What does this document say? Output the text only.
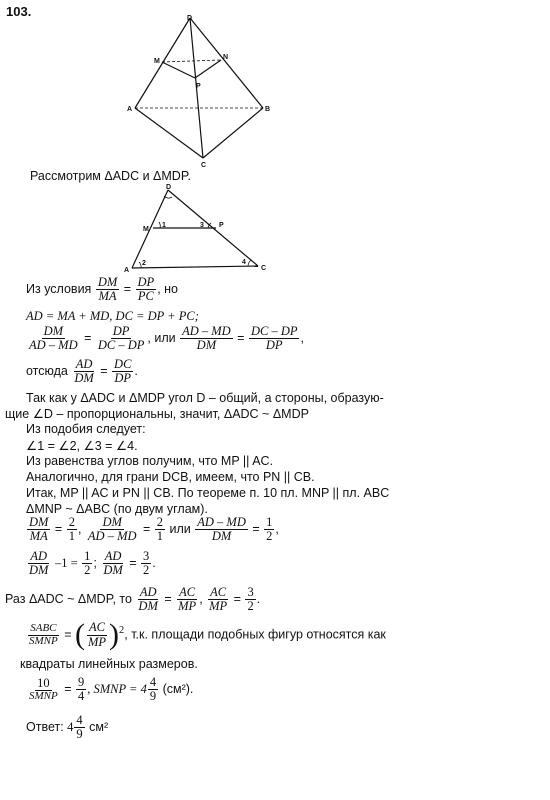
103.	D
M
N
P
A	B
C
Рассмотрим ΔADC и ΔMDP.
D
M
P
A	C
1
2
3
4
Из условия $\frac{DM}{MA} = \frac{DP}{PC}$ , но
AD = MA + MD, DC = DP + PC;
$\frac{DM}{AD - MD} = \frac{DP}{DC - DP}$ , или $\frac{AD - MD}{DM} = \frac{DC - DP}{DP}$ ,
отсюда $\frac{AD}{DM} = \frac{DC}{DP}$ .
Так как у ΔADC и ΔMDP угол D – общий, а стороны, образую-
щие ∠D – пропорциональны, значит, ΔADC ~ ΔMDP
Из подобия следует:
∠1 = ∠2, ∠3 = ∠4.
Из равенства углов получим, что MP || AC.
Аналогично, для грани DCB, имеем, что PN || CB.
Итак, MP || AC и PN || CB. По теореме п. 10 пл. MNP || пл. ABC
ΔMNP ~ ΔABC (по двум углам).
$\frac{DM}{MA} = \frac{2}{1}$ , $\frac{DM}{AD - MD} = \frac{2}{1}$ или $\frac{AD - MD}{DM} = \frac{1}{2}$ ,
$\frac{AD}{DM} -1 = \frac{1}{2}$ ; $\frac{AD}{DM} = \frac{3}{2}$ .
Раз ΔADC ~ ΔMDP, то $\frac{AD}{DM} = \frac{AC}{MP}$ , $\frac{AC}{MP} = \frac{3}{2}$ .
$\frac{\text{SABC}}{\text{SMNP}}$ = ( $\frac{AC}{MP} )^2$, т.к. площади подобных фигур относятся как
квадраты линейных размеров.
$\frac{10}{\text{SMNP}} = \frac{9}{4}$ , SMNP = $4 \frac{4}{9} (см^2)$.
Ответ: $4 \frac{4}{9} см^2$
